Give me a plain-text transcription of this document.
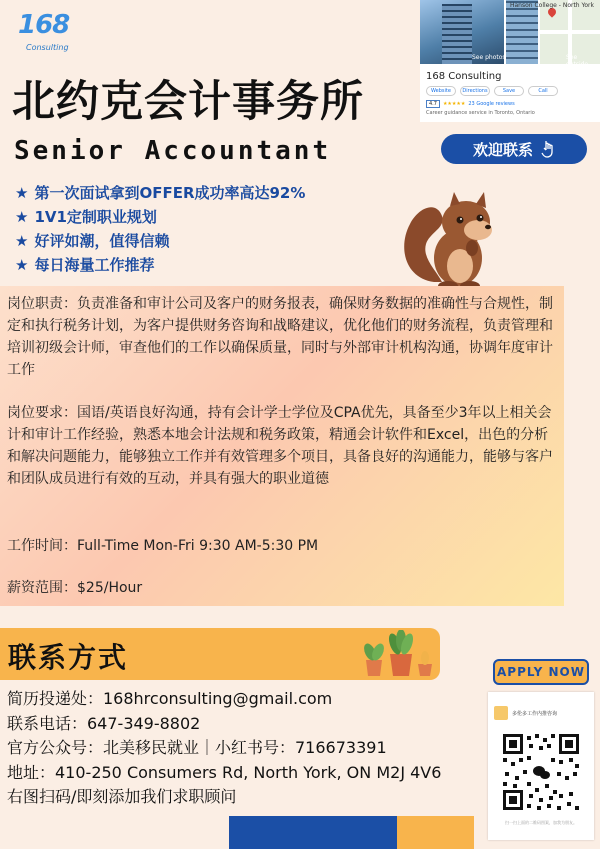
168
Consulting
北约克会计事务所
Hanson College - North York
See photos	See outside
168 Consulting
Website	Directions	Save	Call
4.7	★★★★★ 23 Google reviews
Career guidance service in Toronto, Ontario
Senior Accountant	欢迎联系
★ 第一次面试拿到OFFER成功率高达92%
★ 1V1定制职业规划
★ 好评如潮，值得信赖
★ 每日海量工作推荐
岗位职责：负责准备和审计公司及客户的财务报表，确保财务数据的准确性与合规性，制定和执行税务计划，为客户提供财务咨询和战略建议，优化他们的财务流程，负责管理和培训初级会计师，审查他们的工作以确保质量，同时与外部审计机构沟通，协调年度审计工作
岗位要求：国语/英语良好沟通，持有会计学士学位及CPA优先，具备至少3年以上相关会计和审计工作经验，熟悉本地会计法规和税务政策，精通会计软件和Excel，出色的分析和解决问题能力，能够独立工作并有效管理多个项目，具备良好的沟通能力，能够与客户和团队成员进行有效的互动，并具有强大的职业道德
工作时间：Full-Time Mon-Fri 9:30 AM-5:30 PM
薪资范围：$25/Hour
联系方式	APPLY NOW
简历投递处：168hrconsulting@gmail.com
联系电话：647-349-8802
官方公众号：北美移民就业｜小红书号：716673391
地址：410-250 Consumers Rd, North York, ON M2J 4V6
右图扫码/即刻添加我们求职顾问
多伦多工作内推咨询
扫一扫上面的二维码图案，加我为朋友。
